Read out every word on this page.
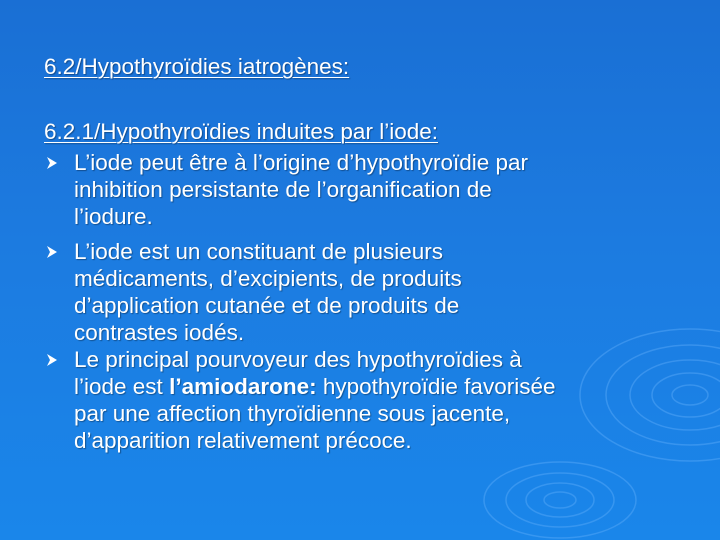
6.2/Hypothyroïdies iatrogènes:
6.2.1/Hypothyroïdies induites par l’iode:
L’iode peut être à l’origine d’hypothyroïdie par
inhibition persistante de l’organification de
l’iodure.
L’iode est un constituant de plusieurs
médicaments, d’excipients, de produits
d’application cutanée et de produits de
contrastes iodés.
Le principal pourvoyeur des hypothyroïdies à
l’iode est l’amiodarone: hypothyroïdie favorisée
par une affection thyroïdienne sous jacente,
d’apparition relativement précoce.
